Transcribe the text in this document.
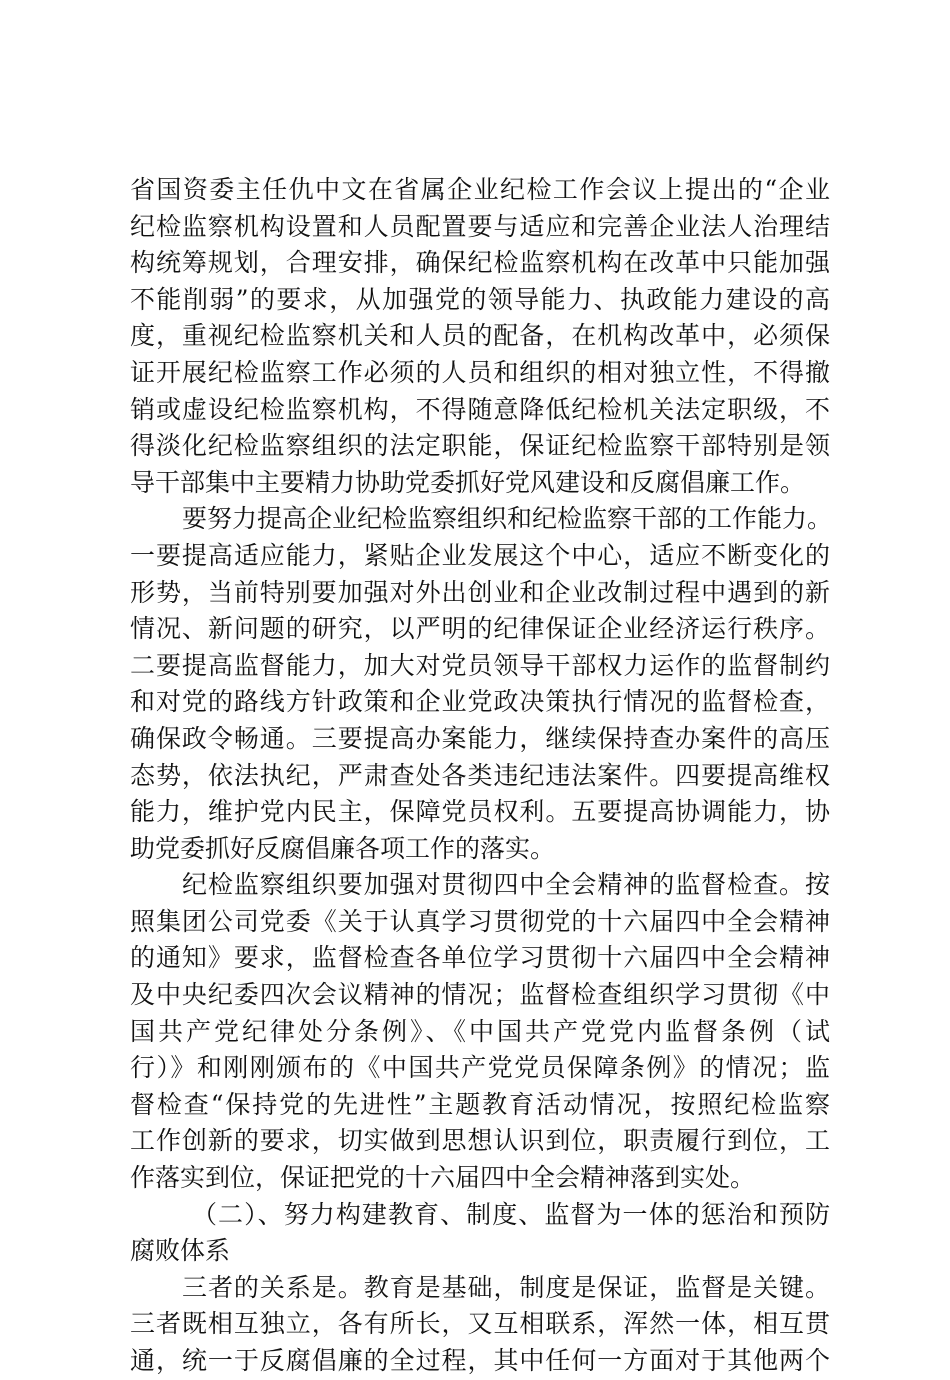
省国资委主任仇中文在省属企业纪检工作会议上提出的“企业
纪检监察机构设置和人员配置要与适应和完善企业法人治理结
构统筹规划，合理安排，确保纪检监察机构在改革中只能加强
不能削弱”的要求，从加强党的领导能力、执政能力建设的高
度，重视纪检监察机关和人员的配备，在机构改革中，必须保
证开展纪检监察工作必须的人员和组织的相对独立性，不得撤
销或虚设纪检监察机构，不得随意降低纪检机关法定职级，不
得淡化纪检监察组织的法定职能，保证纪检监察干部特别是领
导干部集中主要精力协助党委抓好党风建设和反腐倡廉工作。
要努力提高企业纪检监察组织和纪检监察干部的工作能力。
一要提高适应能力，紧贴企业发展这个中心，适应不断变化的
形势，当前特别要加强对外出创业和企业改制过程中遇到的新
情况、新问题的研究，以严明的纪律保证企业经济运行秩序。
二要提高监督能力，加大对党员领导干部权力运作的监督制约
和对党的路线方针政策和企业党政决策执行情况的监督检查，
确保政令畅通。三要提高办案能力，继续保持查办案件的高压
态势，依法执纪，严肃查处各类违纪违法案件。四要提高维权
能力，维护党内民主，保障党员权利。五要提高协调能力，协
助党委抓好反腐倡廉各项工作的落实。
纪检监察组织要加强对贯彻四中全会精神的监督检查。按
照集团公司党委《关于认真学习贯彻党的十六届四中全会精神
的通知》要求，监督检查各单位学习贯彻十六届四中全会精神
及中央纪委四次会议精神的情况；监督检查组织学习贯彻《中
国共产党纪律处分条例》、《中国共产党党内监督条例（试
行）》和刚刚颁布的《中国共产党党员保障条例》的情况；监
督检查“保持党的先进性”主题教育活动情况，按照纪检监察
工作创新的要求，切实做到思想认识到位，职责履行到位，工
作落实到位，保证把党的十六届四中全会精神落到实处。
（二）、努力构建教育、制度、监督为一体的惩治和预防
腐败体系
三者的关系是。教育是基础，制度是保证，监督是关键。
三者既相互独立，各有所长，又互相联系，浑然一体，相互贯
通，统一于反腐倡廉的全过程，其中任何一方面对于其他两个
